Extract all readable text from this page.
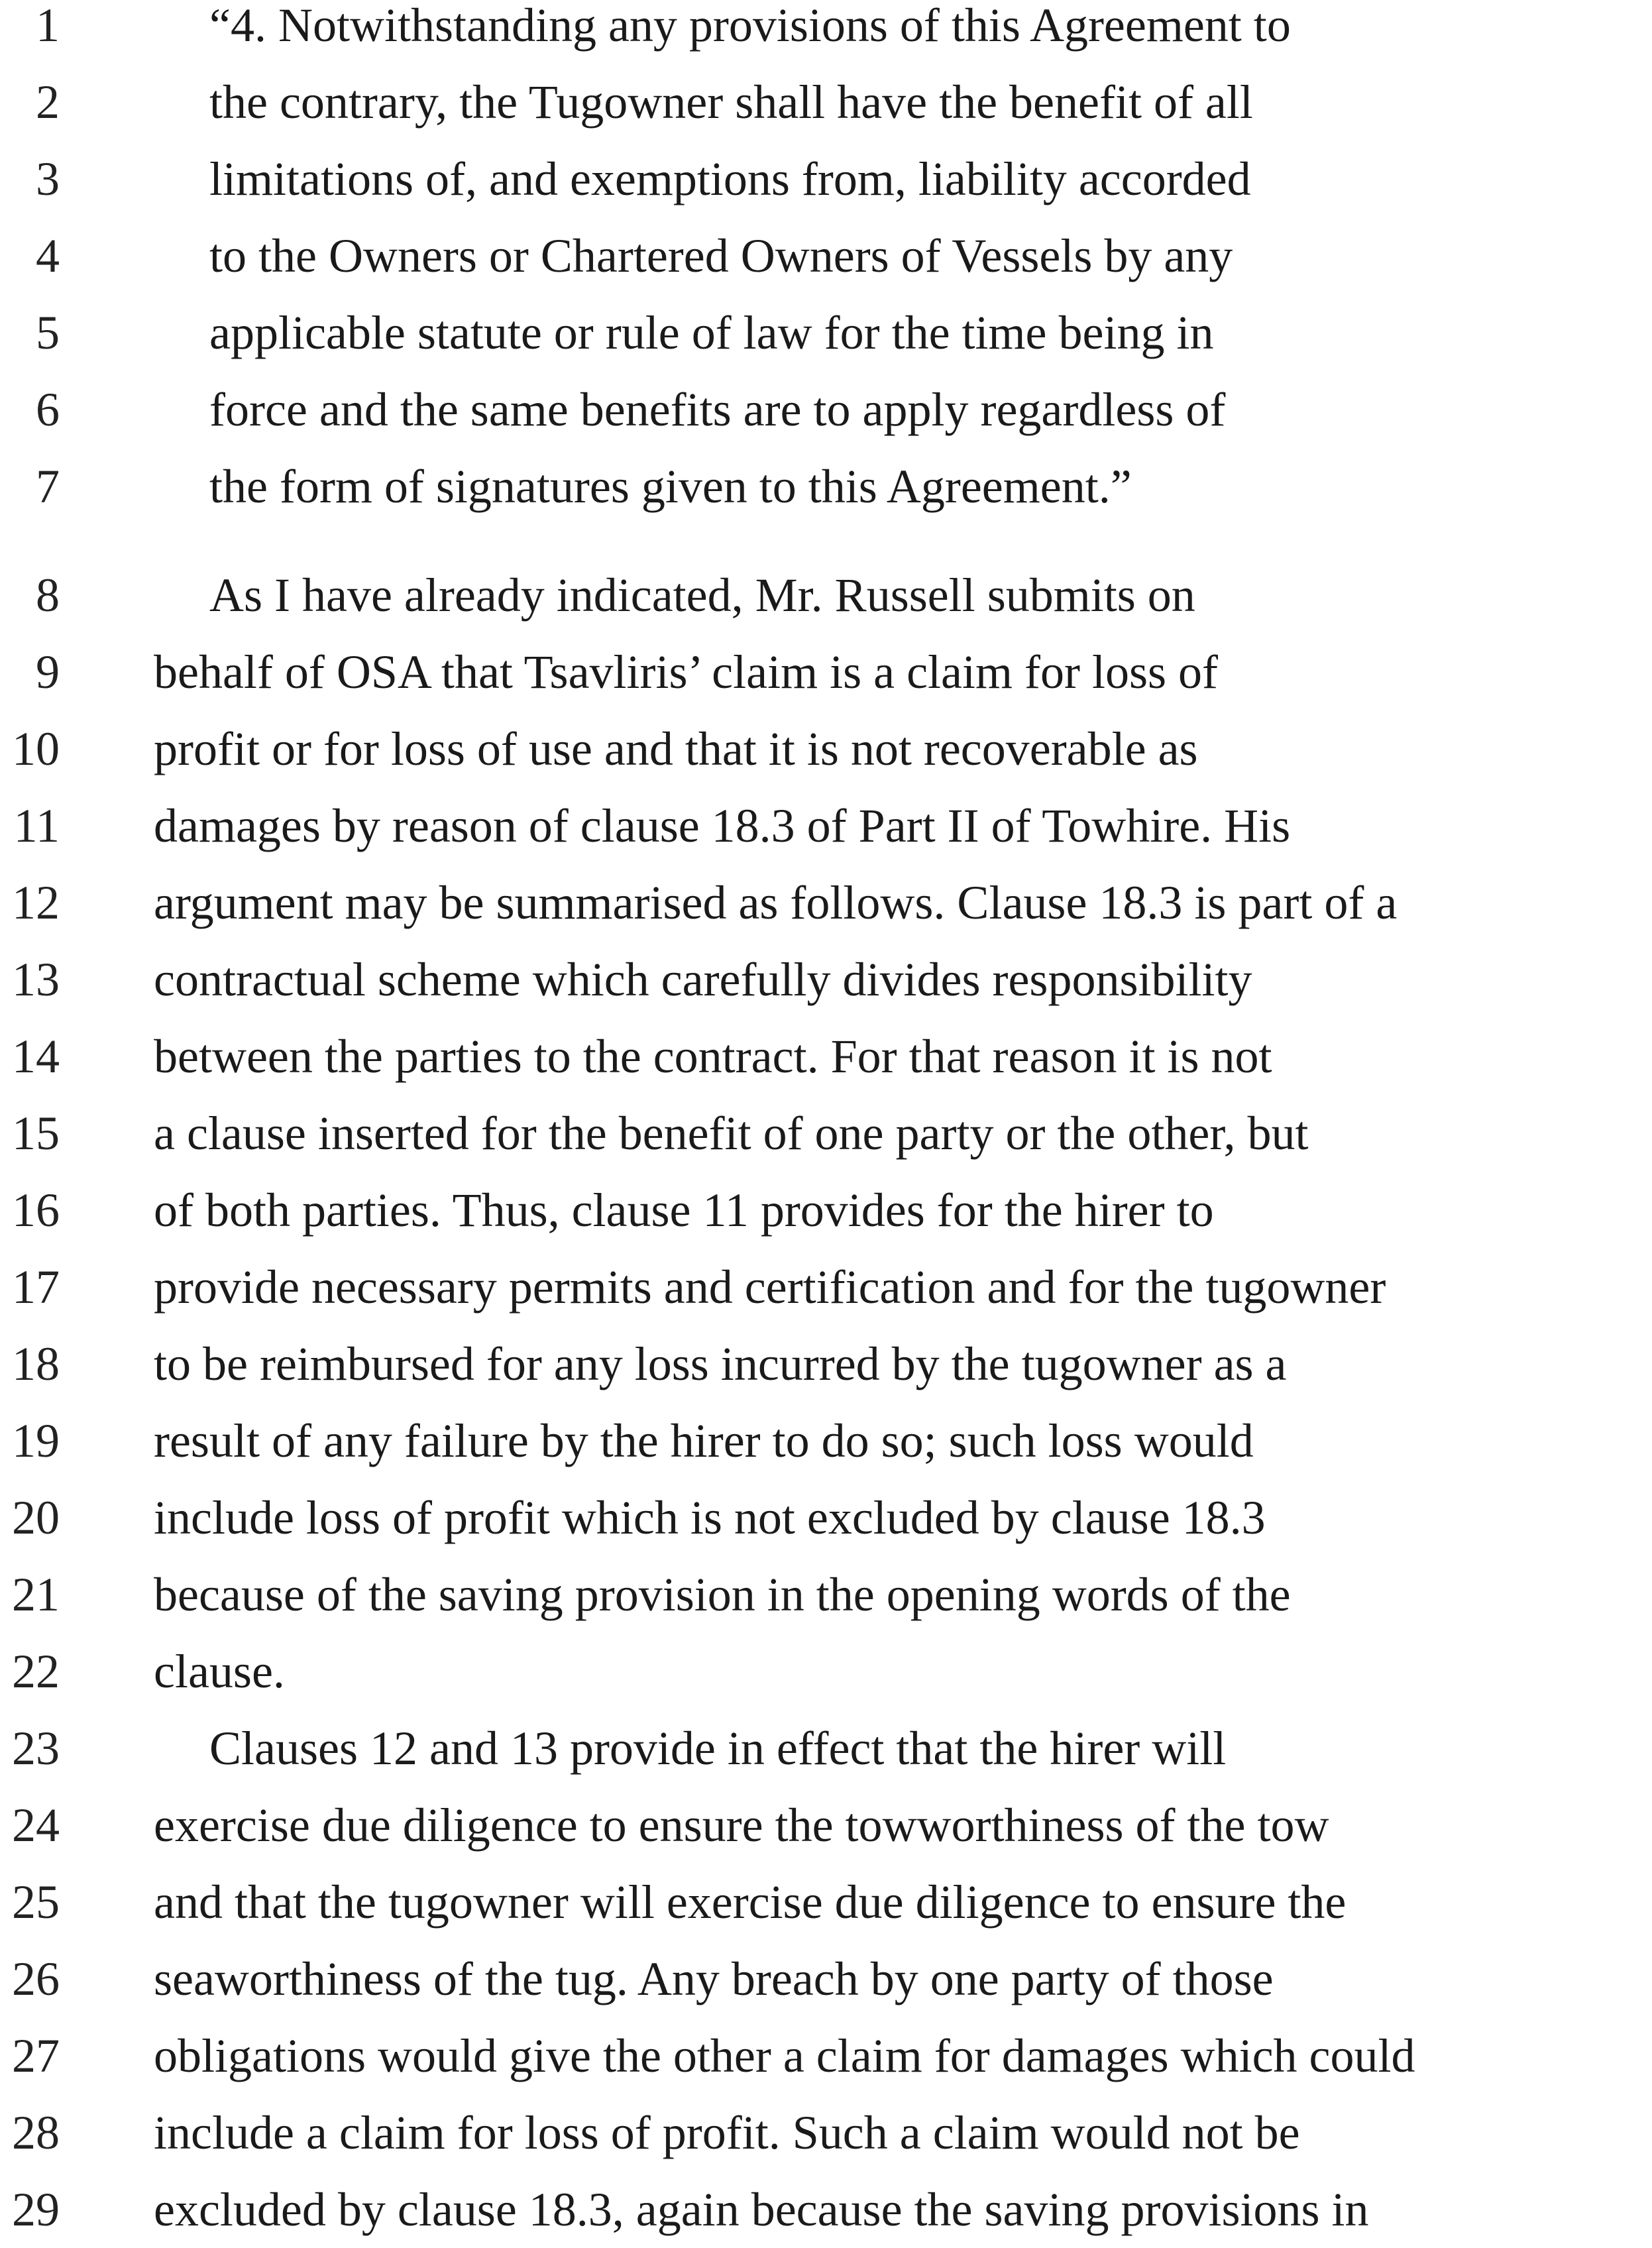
1	“4. Notwithstanding any provisions of this Agreement to
2	the contrary, the Tugowner shall have the benefit of all
3	limitations of, and exemptions from, liability accorded
4	to the Owners or Chartered Owners of Vessels by any
5	applicable statute or rule of law for the time being in
6	force and the same benefits are to apply regardless of
7	the form of signatures given to this Agreement.”
8	As I have already indicated, Mr. Russell submits on
9 behalf of OSA that Tsavliris’ claim is a claim for loss of
10 profit or for loss of use and that it is not recoverable as
11 damages by reason of clause 18.3 of Part II of Towhire. His
12 argument may be summarised as follows. Clause 18.3 is part of a
13 contractual scheme which carefully divides responsibility
14 between the parties to the contract. For that reason it is not
15 a clause inserted for the benefit of one party or the other, but
16 of both parties. Thus, clause 11 provides for the hirer to
17 provide necessary permits and certification and for the tugowner
18 to be reimbursed for any loss incurred by the tugowner as a
19 result of any failure by the hirer to do so; such loss would
20 include loss of profit which is not excluded by clause 18.3
21 because of the saving provision in the opening words of the
22 clause.
23	Clauses 12 and 13 provide in effect that the hirer will
24 exercise due diligence to ensure the towworthiness of the tow
25 and that the tugowner will exercise due diligence to ensure the
26 seaworthiness of the tug. Any breach by one party of those
27 obligations would give the other a claim for damages which could
28 include a claim for loss of profit. Such a claim would not be
29 excluded by clause 18.3, again because the saving provisions in
